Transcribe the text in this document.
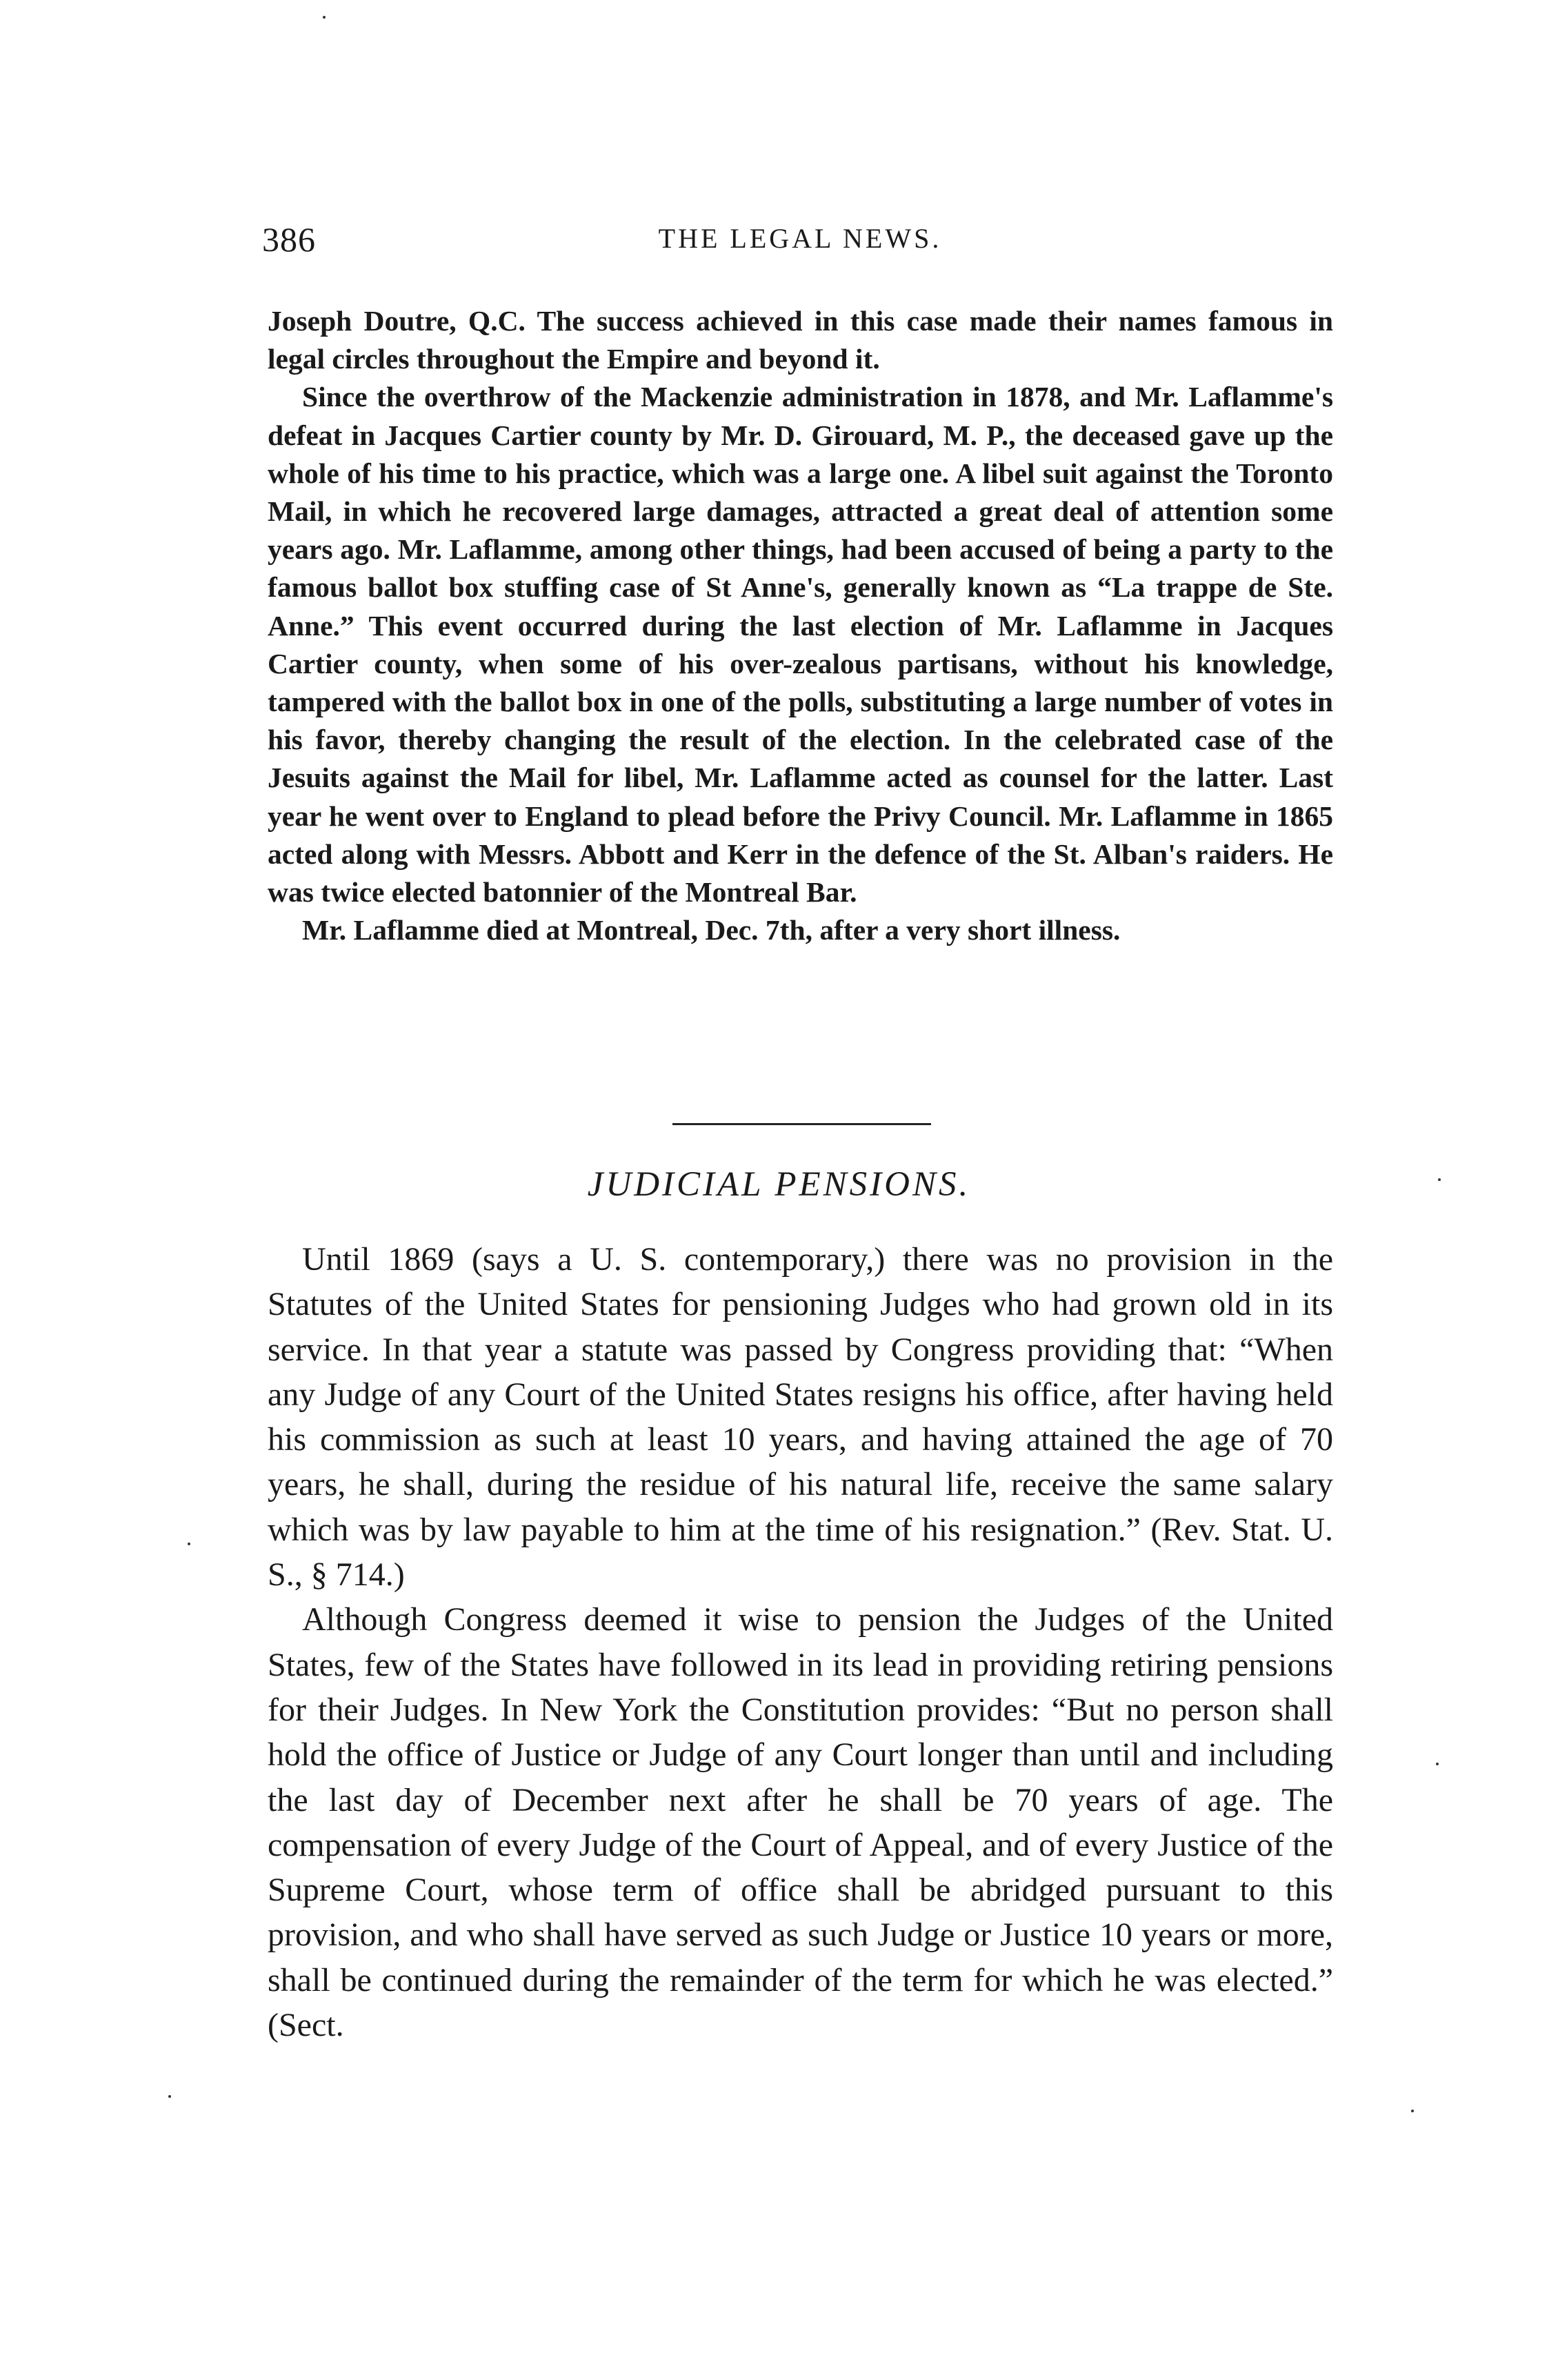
386	THE LEGAL NEWS.

Joseph Doutre, Q.C. The success achieved in this case made their names famous in legal circles throughout the Empire and beyond it.

Since the overthrow of the Mackenzie administration in 1878, and Mr. Laflamme's defeat in Jacques Cartier county by Mr. D. Girouard, M. P., the deceased gave up the whole of his time to his practice, which was a large one. A libel suit against the Toronto Mail, in which he recovered large damages, attracted a great deal of attention some years ago. Mr. Laflamme, among other things, had been accused of being a party to the famous ballot box stuffing case of St Anne's, generally known as “La trappe de Ste. Anne.” This event occurred during the last election of Mr. Laflamme in Jacques Cartier county, when some of his over-zealous partisans, without his knowledge, tampered with the ballot box in one of the polls, substituting a large number of votes in his favor, thereby changing the result of the election. In the celebrated case of the Jesuits against the Mail for libel, Mr. Laflamme acted as counsel for the latter. Last year he went over to England to plead before the Privy Council. Mr. Laflamme in 1865 acted along with Messrs. Abbott and Kerr in the defence of the St. Alban's raiders. He was twice elected batonnier of the Montreal Bar.

Mr. Laflamme died at Montreal, Dec. 7th, after a very short illness.

JUDICIAL PENSIONS.

Until 1869 (says a U. S. contemporary,) there was no provision in the Statutes of the United States for pensioning Judges who had grown old in its service. In that year a statute was passed by Congress providing that: “When any Judge of any Court of the United States resigns his office, after having held his commission as such at least 10 years, and having attained the age of 70 years, he shall, during the residue of his natural life, receive the same salary which was by law payable to him at the time of his resignation.” (Rev. Stat. U. S., § 714.)

Although Congress deemed it wise to pension the Judges of the United States, few of the States have followed in its lead in providing retiring pensions for their Judges. In New York the Constitution provides: “But no person shall hold the office of Justice or Judge of any Court longer than until and including the last day of December next after he shall be 70 years of age. The compensation of every Judge of the Court of Appeal, and of every Justice of the Supreme Court, whose term of office shall be abridged pursuant to this provision, and who shall have served as such Judge or Justice 10 years or more, shall be continued during the remainder of the term for which he was elected.” (Sect.
